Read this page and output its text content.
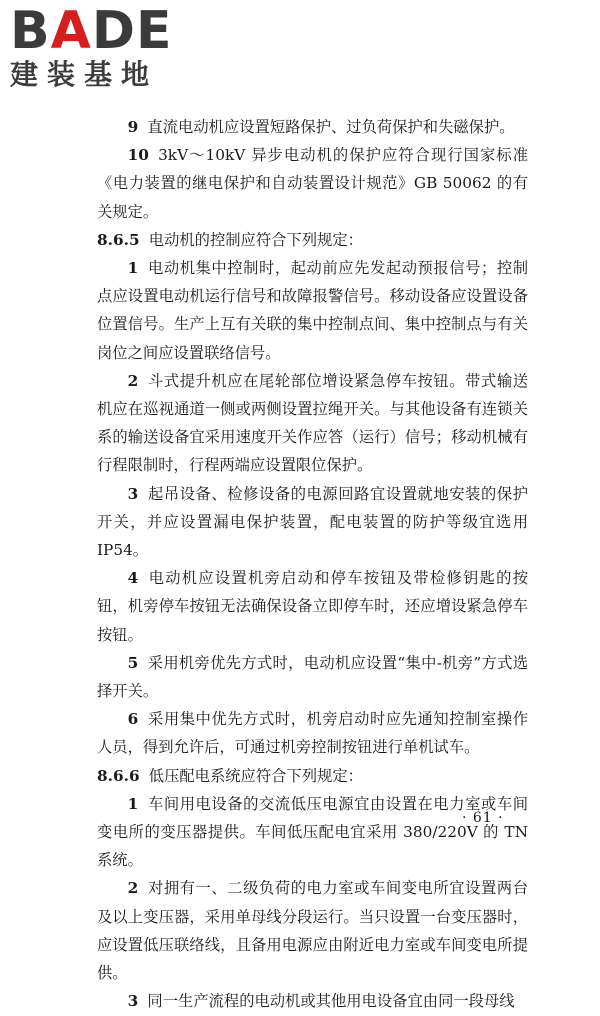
BADE
建装基地

9 直流电动机应设置短路保护、过负荷保护和失磁保护。

10 3kV～10kV 异步电动机的保护应符合现行国家标准《电力装置的继电保护和自动装置设计规范》GB 50062 的有关规定。

8.6.5 电动机的控制应符合下列规定：

1 电动机集中控制时，起动前应先发起动预报信号；控制点应设置电动机运行信号和故障报警信号。移动设备应设置设备位置信号。生产上互有关联的集中控制点间、集中控制点与有关岗位之间应设置联络信号。

2 斗式提升机应在尾轮部位增设紧急停车按钮。带式输送机应在巡视通道一侧或两侧设置拉绳开关。与其他设备有连锁关系的输送设备宜采用速度开关作应答（运行）信号；移动机械有行程限制时，行程两端应设置限位保护。

3 起吊设备、检修设备的电源回路宜设置就地安装的保护开关，并应设置漏电保护装置，配电装置的防护等级宜选用 IP54。

4 电动机应设置机旁启动和停车按钮及带检修钥匙的按钮，机旁停车按钮无法确保设备立即停车时，还应增设紧急停车按钮。

5 采用机旁优先方式时，电动机应设置“集中-机旁”方式选择开关。

6 采用集中优先方式时，机旁启动时应先通知控制室操作人员，得到允许后，可通过机旁控制按钮进行单机试车。

8.6.6 低压配电系统应符合下列规定：

1 车间用电设备的交流低压电源宜由设置在电力室或车间变电所的变压器提供。车间低压配电宜采用 380/220V 的 TN 系统。

2 对拥有一、二级负荷的电力室或车间变电所宜设置两台及以上变压器，采用单母线分段运行。当只设置一台变压器时，应设置低压联络线，且备用电源应由附近电力室或车间变电所提供。

3 同一生产流程的电动机或其他用电设备宜由同一段母线

· 61 ·
